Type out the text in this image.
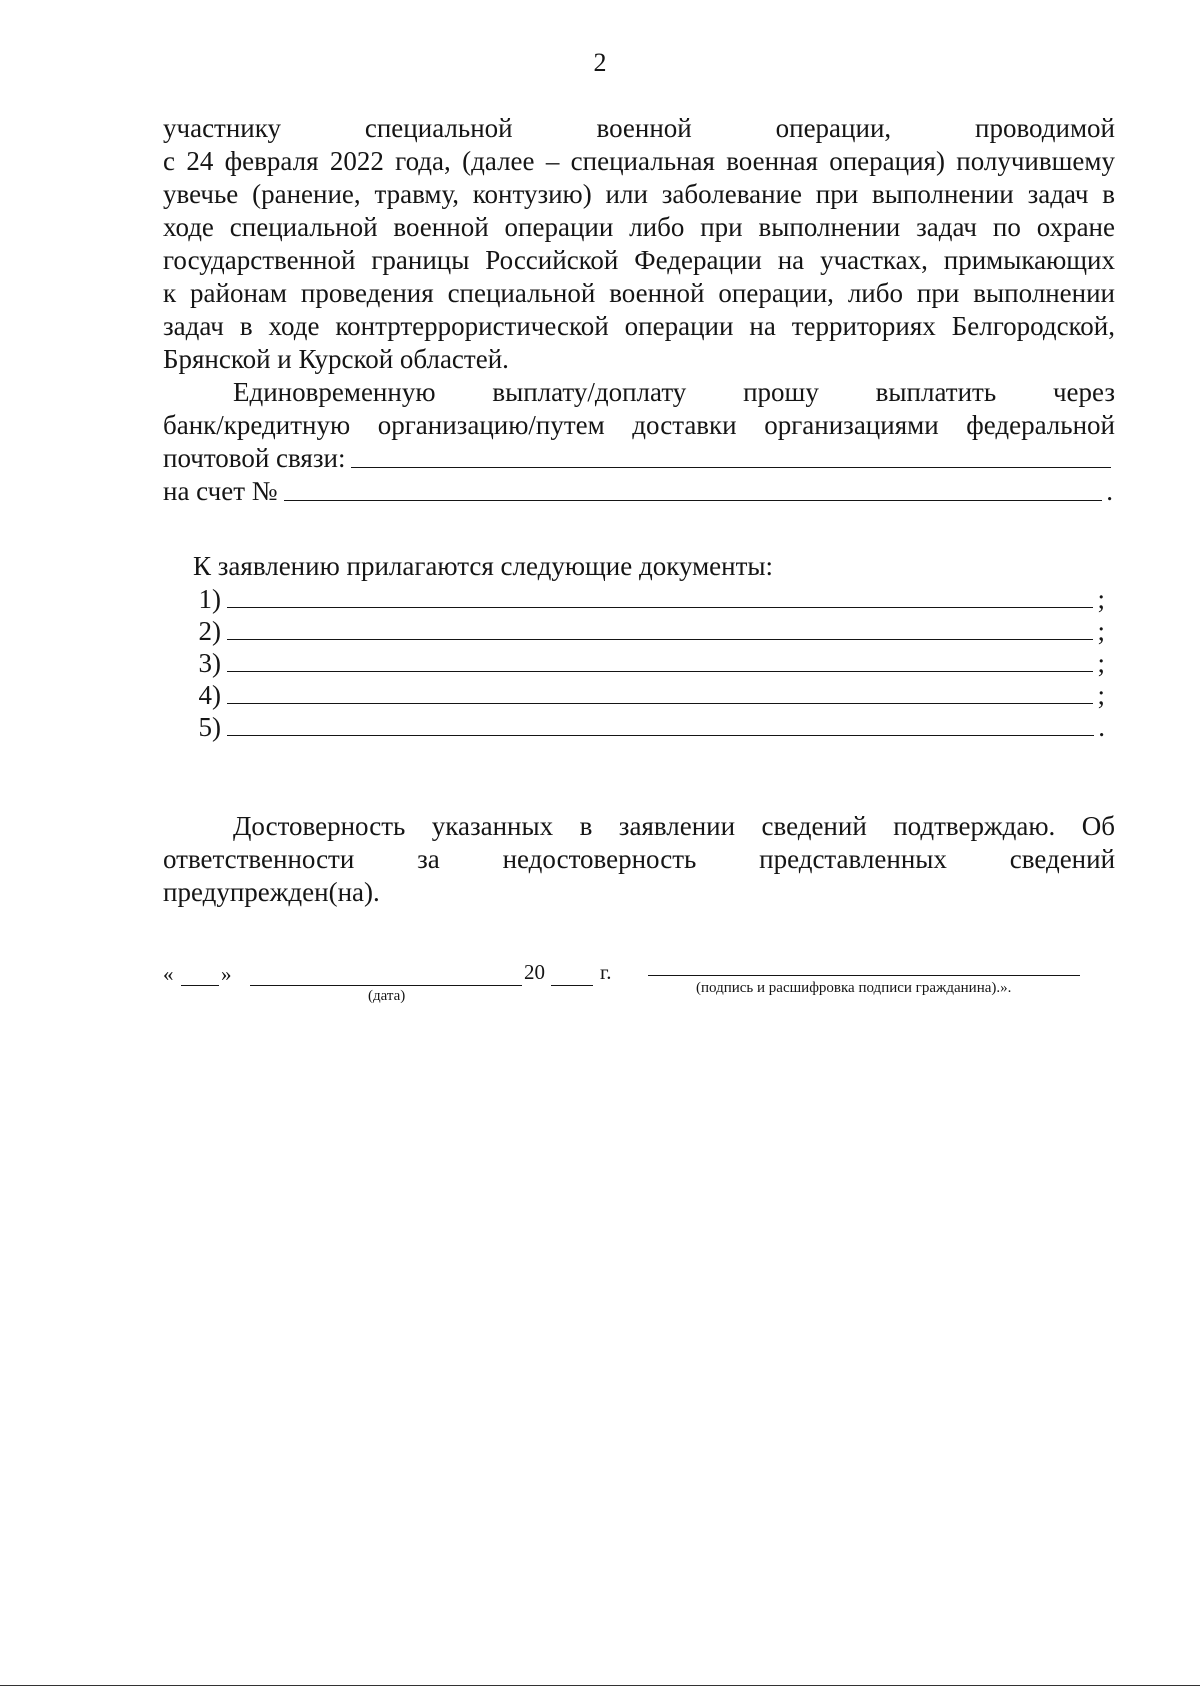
2
участнику	специальной	военной	операции,	проводимой
с 24 февраля 2022 года, (далее – специальная военная операция) получившему
увечье (ранение, травму, контузию) или заболевание при выполнении задач в
ходе специальной военной операции либо при выполнении задач по охране
государственной границы Российской Федерации на участках, примыкающих
к районам проведения специальной военной операции, либо при выполнении
задач в ходе контртеррористической операции на территориях Белгородской,
Брянской и Курской областей.
Единовременную выплату/доплату прошу выплатить через
банк/кредитную организацию/путем доставки организациями федеральной
почтовой связи:
на счет №	.
К заявлению прилагаются следующие документы:
1)	;
2)	;
3)	;
4)	;
5)	.
Достоверность указанных в заявлении сведений подтверждаю. Об
ответственности за недостоверность представленных сведений
предупрежден(на).
« »	20	г.
(дата)	(подпись и расшифровка подписи гражданина).».
